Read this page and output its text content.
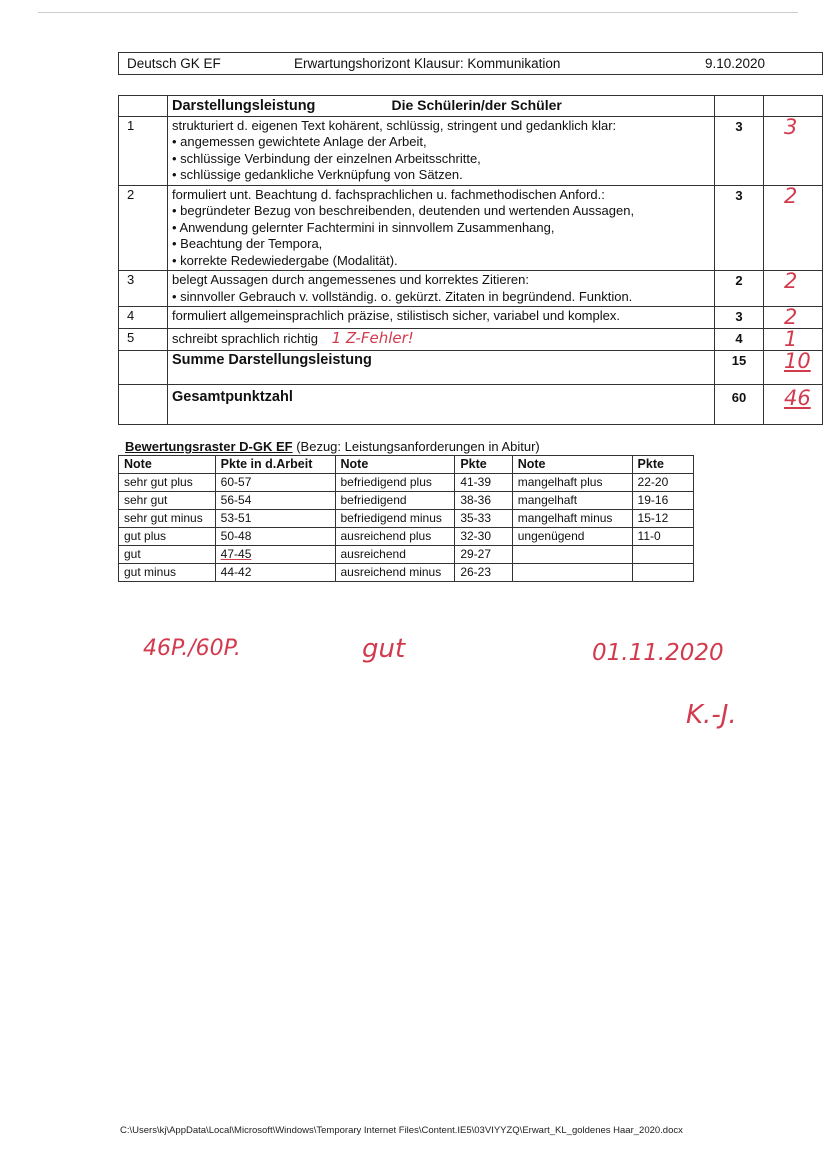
Deutsch GK EF	Erwartungshorizont Klausur: Kommunikation	9.10.2020
	Darstellungsleistung Die Schülerin/der Schüler		
1	strukturiert d. eigenen Text kohärent, schlüssig, stringent und gedanklich klar:
• angemessen gewichtete Anlage der Arbeit,
• schlüssige Verbindung der einzelnen Arbeitsschritte,
• schlüssige gedankliche Verknüpfung von Sätzen.	3	3

2	formuliert unt. Beachtung d. fachsprachlichen u. fachmethodischen Anford.:
• begründeter Bezug von beschreibenden, deutenden und wertenden Aussagen,
• Anwendung gelernter Fachtermini in sinnvollem Zusammenhang,
• Beachtung der Tempora,
• korrekte Redewiedergabe (Modalität).	3	2

3	belegt Aussagen durch angemessenes und korrektes Zitieren:
• sinnvoller Gebrauch v. vollständig. o. gekürzt. Zitaten in begründend. Funktion.	2	2

4	formuliert allgemeinsprachlich präzise, stilistisch sicher, variabel und komplex.	3	2

5	schreibt sprachlich richtig 1 Z-Fehler!	4	1

	Summe Darstellungsleistung	15	10

	Gesamtpunktzahl	60	46
Bewertungsraster D-GK EF (Bezug: Leistungsanforderungen in Abitur)
Note	Pkte in d.Arbeit	Note	Pkte	Note	Pkte
sehr gut plus	60-57	befriedigend plus	41-39	mangelhaft plus	22-20
sehr gut	56-54	befriedigend	38-36	mangelhaft	19-16
sehr gut minus	53-51	befriedigend minus	35-33	mangelhaft minus	15-12
gut plus	50-48	ausreichend plus	32-30	ungenügend	11-0
gut	47-45	ausreichend	29-27		
gut minus	44-42	ausreichend minus	26-23		
46P./60P.	gut	01.11.2020
K.-J.
C:\Users\kj\AppData\Local\Microsoft\Windows\Temporary Internet Files\Content.IE5\03VIYYZQ\Erwart_KL_goldenes Haar_2020.docx
